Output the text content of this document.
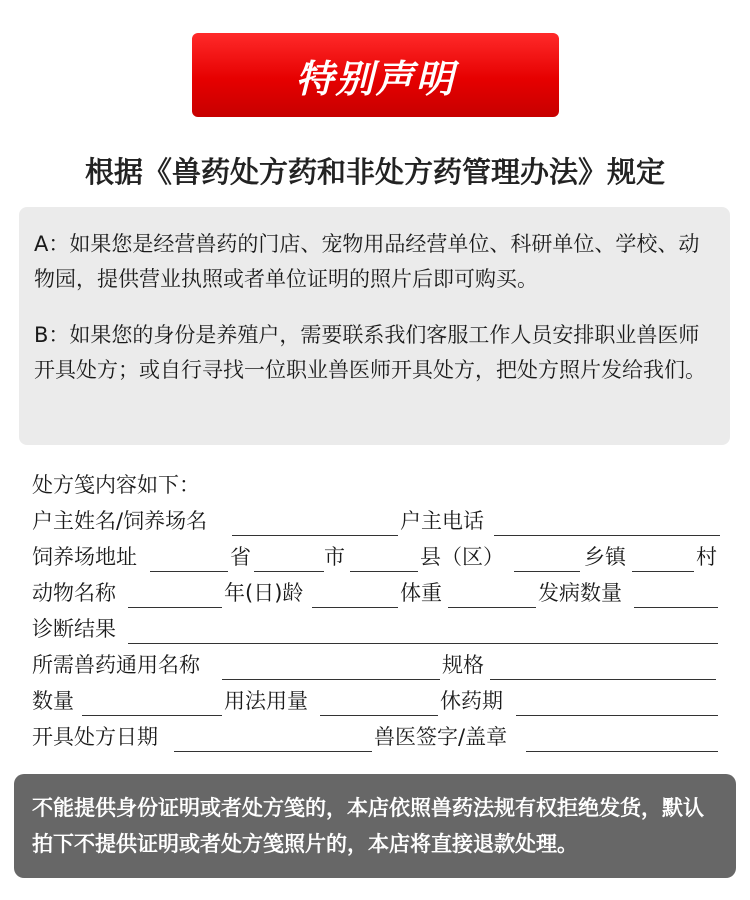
特别声明
根据《兽药处方药和非处方药管理办法》规定

A：如果您是经营兽药的门店、宠物用品经营单位、科研单位、学校、动物园，提供营业执照或者单位证明的照片后即可购买。

B：如果您的身份是养殖户，需要联系我们客服工作人员安排职业兽医师开具处方；或自行寻找一位职业兽医师开具处方，把处方照片发给我们。

处方笺内容如下：
户主姓名/饲养场名	户主电话
饲养场地址	省	市	县（区）	乡镇	村
动物名称	年(日)龄	体重	发病数量
诊断结果
所需兽药通用名称	规格
数量	用法用量	休药期
开具处方日期	兽医签字/盖章

不能提供身份证明或者处方笺的，本店依照兽药法规有权拒绝发货，默认拍下不提供证明或者处方笺照片的，本店将直接退款处理。
